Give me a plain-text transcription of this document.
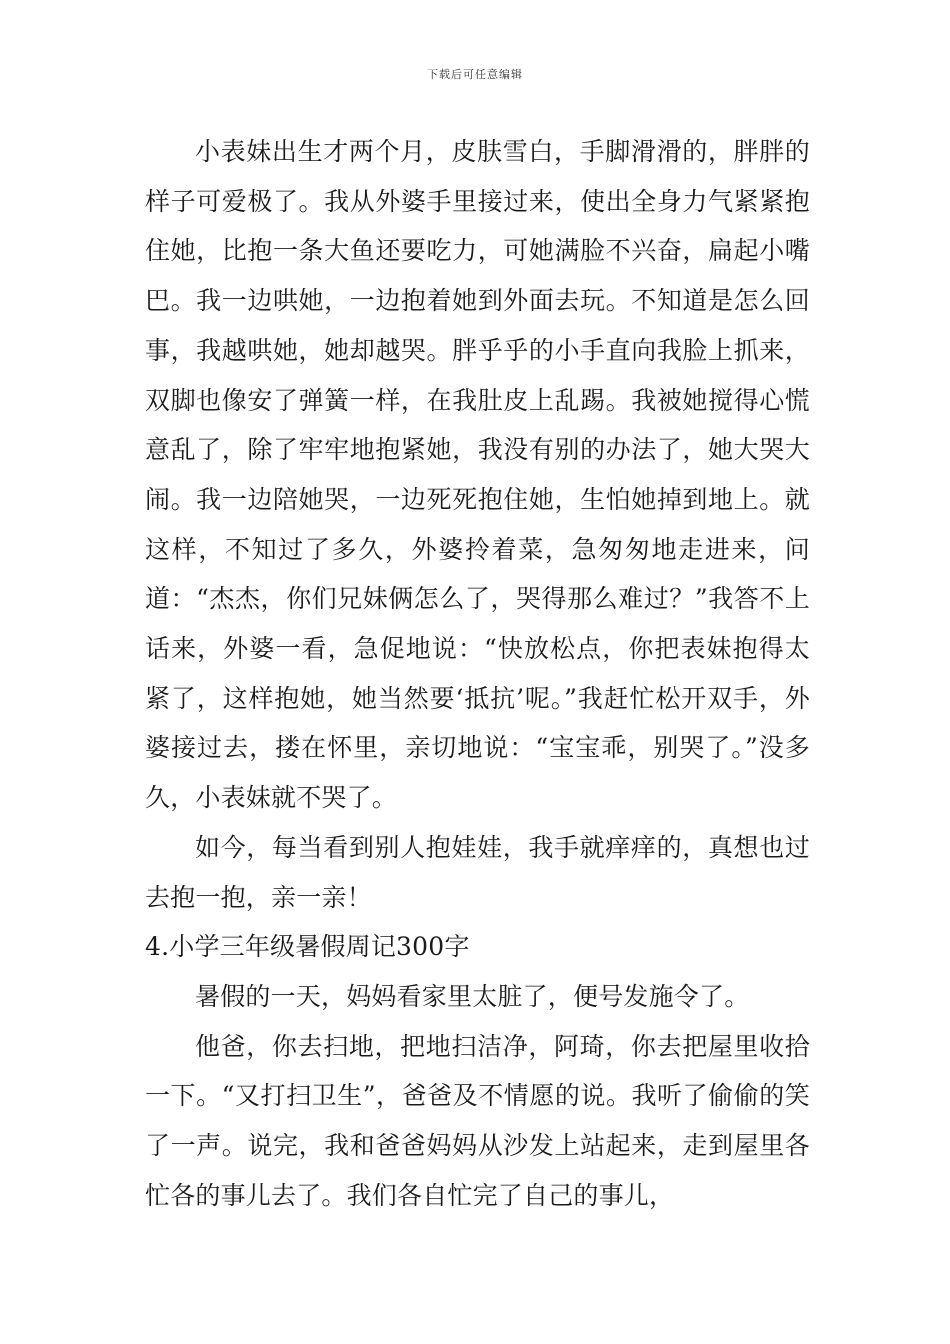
下载后可任意编辑

小表妹出生才两个月，皮肤雪白，手脚滑滑的，胖胖的样子可爱极了。我从外婆手里接过来，使出全身力气紧紧抱住她，比抱一条大鱼还要吃力，可她满脸不兴奋，扁起小嘴巴。我一边哄她，一边抱着她到外面去玩。不知道是怎么回事，我越哄她，她却越哭。胖乎乎的小手直向我脸上抓来，双脚也像安了弹簧一样，在我肚皮上乱踢。我被她搅得心慌意乱了，除了牢牢地抱紧她，我没有别的办法了，她大哭大闹。我一边陪她哭，一边死死抱住她，生怕她掉到地上。就这样，不知过了多久，外婆拎着菜，急匆匆地走进来，问道：“杰杰，你们兄妹俩怎么了，哭得那么难过？”我答不上话来，外婆一看，急促地说：“快放松点，你把表妹抱得太紧了，这样抱她，她当然要‘抵抗’呢。”我赶忙松开双手，外婆接过去，搂在怀里，亲切地说：“宝宝乖，别哭了。”没多久，小表妹就不哭了。

如今，每当看到别人抱娃娃，我手就痒痒的，真想也过去抱一抱，亲一亲！

4.小学三年级暑假周记300字

暑假的一天，妈妈看家里太脏了，便号发施令了。

他爸，你去扫地，把地扫洁净，阿琦，你去把屋里收拾一下。“又打扫卫生”，爸爸及不情愿的说。我听了偷偷的笑了一声。说完，我和爸爸妈妈从沙发上站起来，走到屋里各忙各的事儿去了。我们各自忙完了自己的事儿，
